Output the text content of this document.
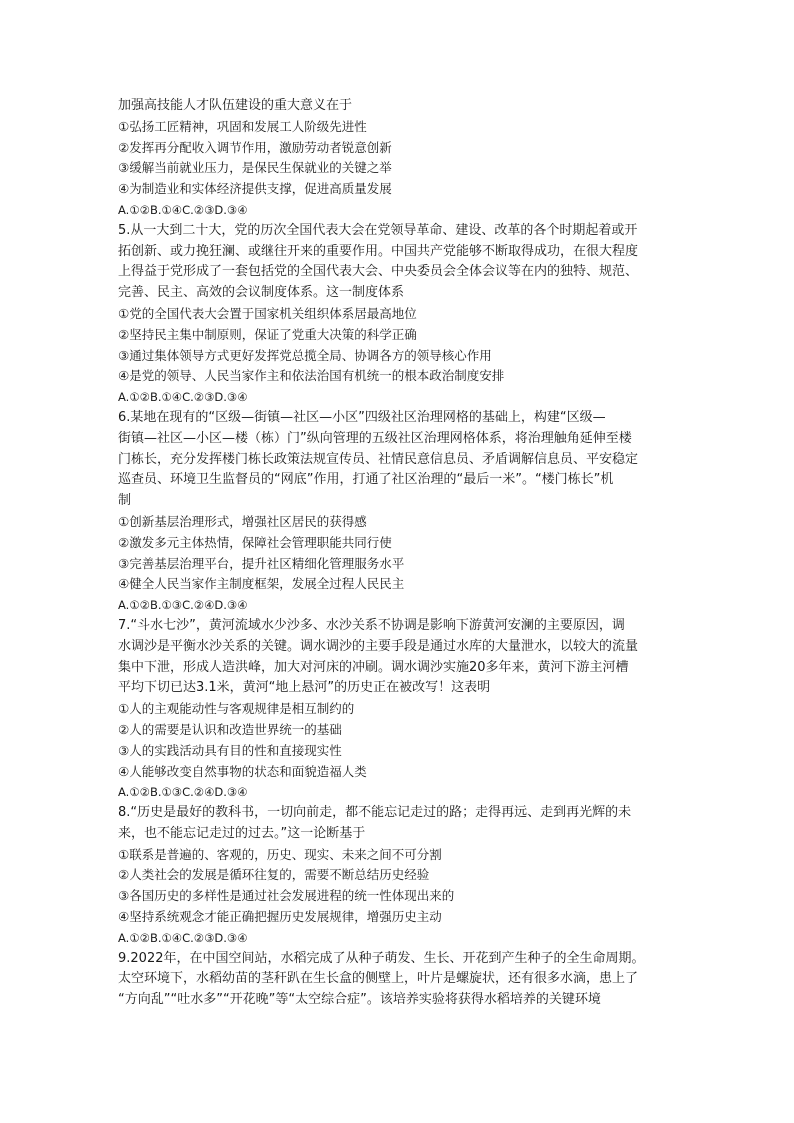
加强高技能人才队伍建设的重大意义在于

①弘扬工匠精神，巩固和发展工人阶级先进性

②发挥再分配收入调节作用，激励劳动者锐意创新

③缓解当前就业压力，是保民生保就业的关键之举

④为制造业和实体经济提供支撑，促进高质量发展

A.①②B.①④C.②③D.③④

5.从一大到二十大，党的历次全国代表大会在党领导革命、建设、改革的各个时期起着或开

拓创新、或力挽狂澜、或继往开来的重要作用。中国共产党能够不断取得成功，在很大程度

上得益于党形成了一套包括党的全国代表大会、中央委员会全体会议等在内的独特、规范、

完善、民主、高效的会议制度体系。这一制度体系

①党的全国代表大会置于国家机关组织体系居最高地位

②坚持民主集中制原则，保证了党重大决策的科学正确

③通过集体领导方式更好发挥党总揽全局、协调各方的领导核心作用

④是党的领导、人民当家作主和依法治国有机统一的根本政治制度安排

A.①②B.①④C.②③D.③④

6.某地在现有的“区级—街镇—社区—小区”四级社区治理网格的基础上，构建“区级—

街镇—社区—小区—楼（栋）门”纵向管理的五级社区治理网格体系，将治理触角延伸至楼

门栋长，充分发挥楼门栋长政策法规宣传员、社情民意信息员、矛盾调解信息员、平安稳定

巡查员、环境卫生监督员的“网底”作用，打通了社区治理的“最后一米”。“楼门栋长”机

制

①创新基层治理形式，增强社区居民的获得感

②激发多元主体热情，保障社会管理职能共同行使

③完善基层治理平台，提升社区精细化管理服务水平

④健全人民当家作主制度框架，发展全过程人民民主

A.①②B.①③C.②④D.③④

7.“斗水七沙”，黄河流域水少沙多、水沙关系不协调是影响下游黄河安澜的主要原因，调

水调沙是平衡水沙关系的关键。调水调沙的主要手段是通过水库的大量泄水，以较大的流量

集中下泄，形成人造洪峰，加大对河床的冲刷。调水调沙实施20多年来，黄河下游主河槽

平均下切已达3.1米，黄河“地上悬河”的历史正在被改写！这表明

①人的主观能动性与客观规律是相互制约的

②人的需要是认识和改造世界统一的基础

③人的实践活动具有目的性和直接现实性

④人能够改变自然事物的状态和面貌造福人类

A.①②B.①③C.②④D.③④

8.“历史是最好的教科书，一切向前走，都不能忘记走过的路；走得再远、走到再光辉的未

来，也不能忘记走过的过去。”这一论断基于

①联系是普遍的、客观的，历史、现实、未来之间不可分割

②人类社会的发展是循环往复的，需要不断总结历史经验

③各国历史的多样性是通过社会发展进程的统一性体现出来的

④坚持系统观念才能正确把握历史发展规律，增强历史主动

A.①②B.①④C.②③D.③④

9.2022年，在中国空间站，水稻完成了从种子萌发、生长、开花到产生种子的全生命周期。

太空环境下，水稻幼苗的茎秆趴在生长盒的侧壁上，叶片是螺旋状，还有很多水滴，患上了

“方向乱”“吐水多”“开花晚”等“太空综合症”。该培养实验将获得水稻培养的关键环境
